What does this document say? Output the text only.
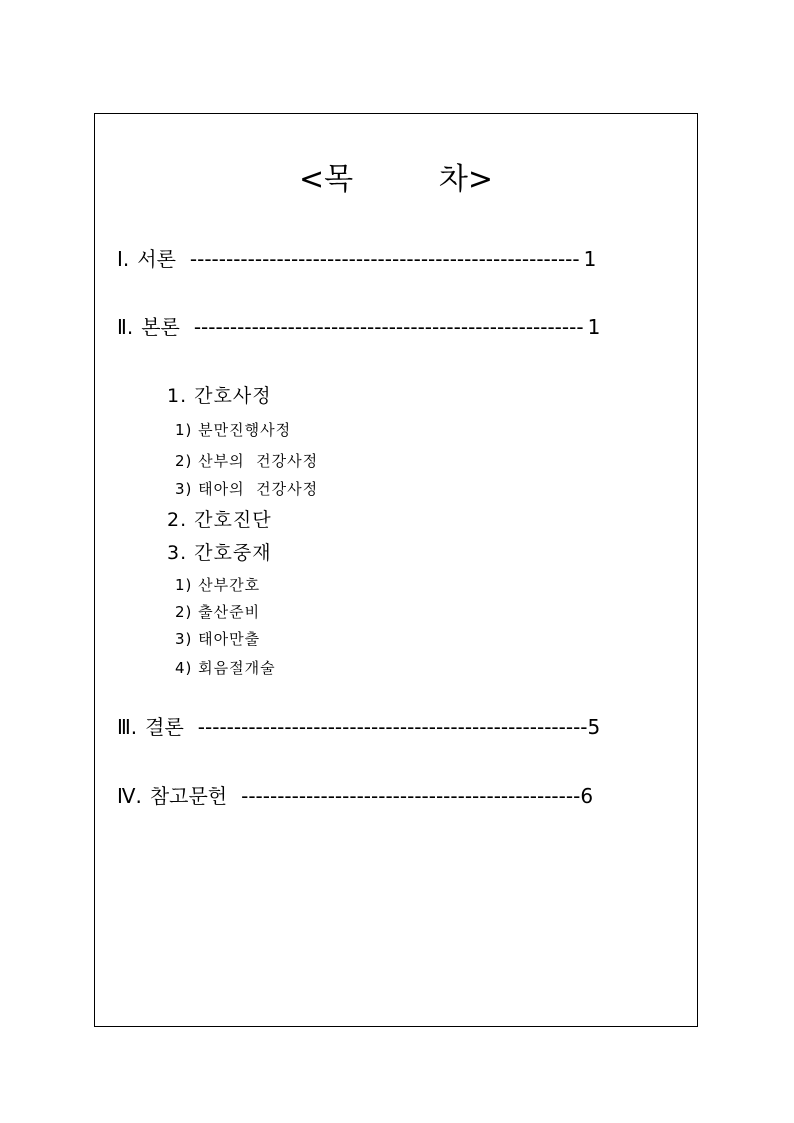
<목         차>
Ⅰ. 서론 ------------------------------------------------------ 1
Ⅱ. 본론 ------------------------------------------------------ 1
1. 간호사정
1) 분만진행사정
2) 산부의  건강사정
3) 태아의  건강사정
2. 간호진단
3. 간호중재
1) 산부간호
2) 출산준비
3) 태아만출
4) 회음절개술
Ⅲ. 결론 ------------------------------------------------------5
Ⅳ. 참고문헌 -----------------------------------------------6
